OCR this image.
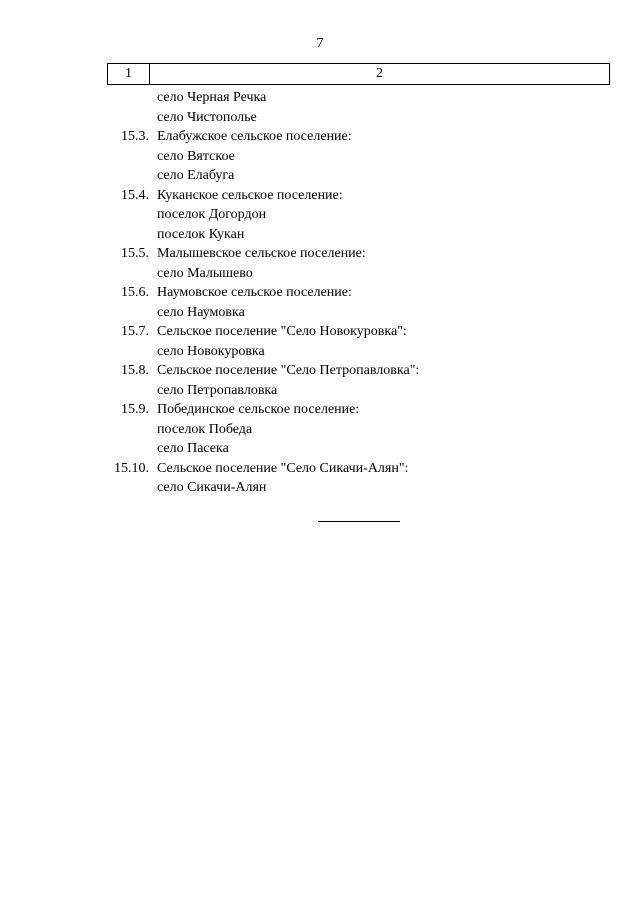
7
1	2
село Черная Речка
село Чистополье
15.3. Елабужское сельское поселение:
село Вятское
село Елабуга
15.4. Куканское сельское поселение:
поселок Догордон
поселок Кукан
15.5. Малышевское сельское поселение:
село Малышево
15.6. Наумовское сельское поселение:
село Наумовка
15.7. Сельское поселение "Село Новокуровка":
село Новокуровка
15.8. Сельское поселение "Село Петропавловка":
село Петропавловка
15.9. Побединское сельское поселение:
поселок Победа
село Пасека
15.10. Сельское поселение "Село Сикачи-Алян":
село Сикачи-Алян
